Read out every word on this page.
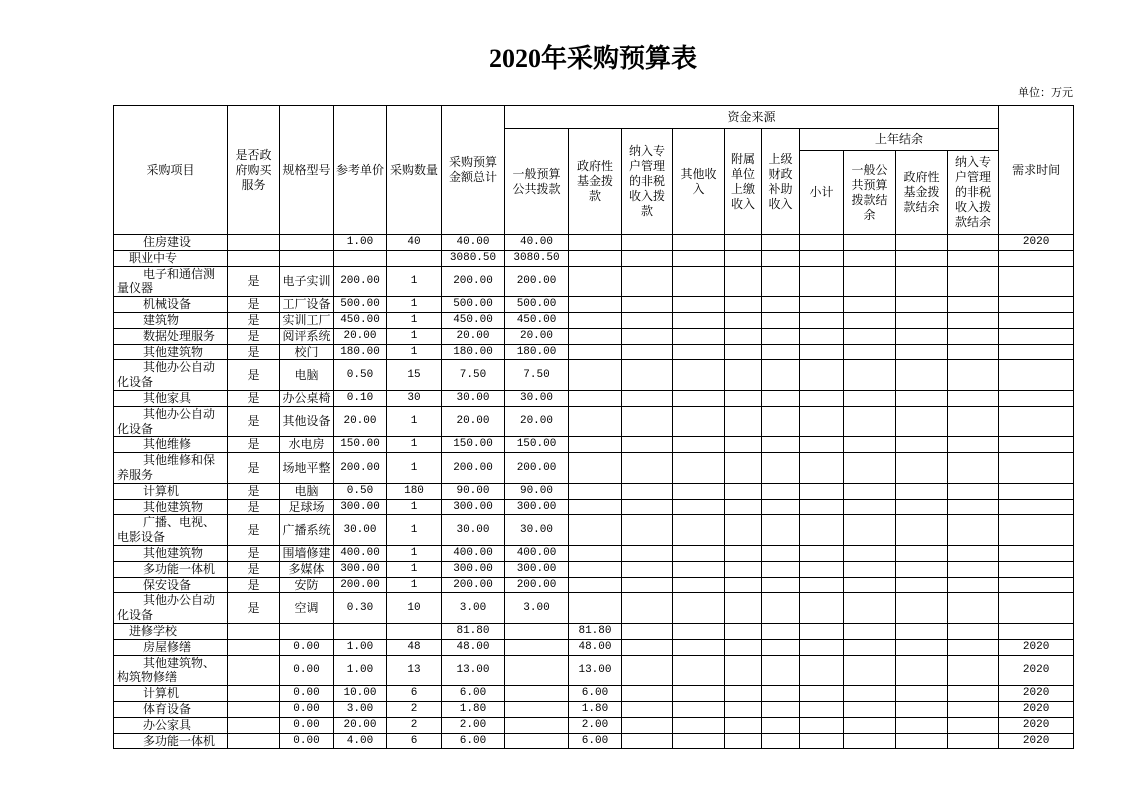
2020年采购预算表
单位：万元
采购项目	是否政府购买服务	规格型号	参考单价	采购数量	采购预算金额总计	资金来源										需求时间

						一般预算公共拨款	政府性基金拨款	纳入专户管理的非税收入拨款	其他收入	附属单位上缴收入	上级财政补助收入	上年结余				

												小计	一般公共预算拨款结余	政府性基金拨款结余	纳入专户管理的非税收入拨款结余	

住房建设			1.00	40	40.00	40.00										2020
职业中专					3080.50	3080.50										
电子和通信测量仪器	是	电子实训	200.00	1	200.00	200.00										
机械设备	是	工厂设备	500.00	1	500.00	500.00										
建筑物	是	实训工厂	450.00	1	450.00	450.00										
数据处理服务	是	阅评系统	20.00	1	20.00	20.00										
其他建筑物	是	校门	180.00	1	180.00	180.00										
其他办公自动化设备	是	电脑	0.50	15	7.50	7.50										
其他家具	是	办公桌椅	0.10	30	30.00	30.00										
其他办公自动化设备	是	其他设备	20.00	1	20.00	20.00										
其他维修	是	水电房	150.00	1	150.00	150.00										
其他维修和保养服务	是	场地平整	200.00	1	200.00	200.00										
计算机	是	电脑	0.50	180	90.00	90.00										
其他建筑物	是	足球场	300.00	1	300.00	300.00										
广播、电视、电影设备	是	广播系统	30.00	1	30.00	30.00										
其他建筑物	是	围墙修建	400.00	1	400.00	400.00										
多功能一体机	是	多媒体	300.00	1	300.00	300.00										
保安设备	是	安防	200.00	1	200.00	200.00										
其他办公自动化设备	是	空调	0.30	10	3.00	3.00										
进修学校					81.80		81.80									
房屋修缮		0.00	1.00	48	48.00		48.00									2020
其他建筑物、构筑物修缮		0.00	1.00	13	13.00		13.00									2020
计算机		0.00	10.00	6	6.00		6.00									2020
体育设备		0.00	3.00	2	1.80		1.80									2020
办公家具		0.00	20.00	2	2.00		2.00									2020
多功能一体机		0.00	4.00	6	6.00		6.00									2020
